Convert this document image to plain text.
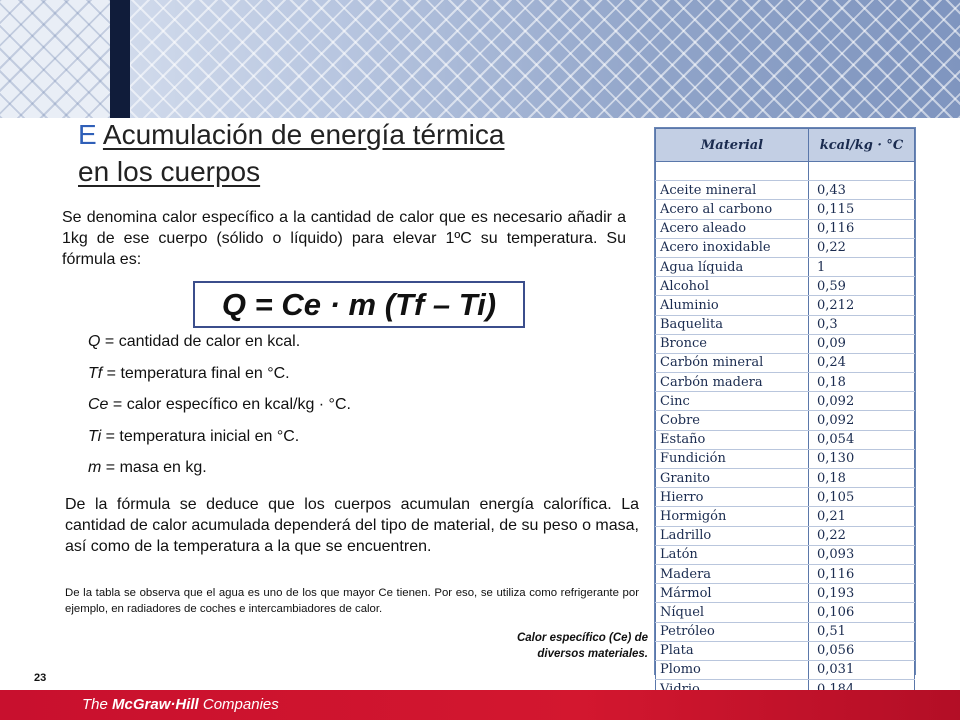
E Acumulación de energía térmica
en los cuerpos
Se denomina calor específico a la cantidad de calor que es necesario añadir a 1kg de ese cuerpo (sólido o líquido) para elevar 1ºC su temperatura. Su fórmula es:
Q = Ce · m (Tf – Ti)
Q = cantidad de calor en kcal.
Tf = temperatura final en °C.
Ce = calor específico en kcal/kg · °C.
Ti = temperatura inicial en °C.
m = masa en kg.
De la fórmula se deduce que los cuerpos acumulan energía calorífica. La cantidad de calor acumulada dependerá del tipo de material, de su peso o masa, así como de la temperatura a la que se encuentren.
De la tabla se observa que el agua es uno de los que mayor Ce tienen. Por eso, se utiliza como refrigerante por ejemplo, en radiadores de coches e intercambiadores de calor.
Material	kcal/kg · °C

Aceite mineral	0,43
Acero al carbono	0,115
Acero aleado	0,116
Acero inoxidable	0,22
Agua líquida	1
Alcohol	0,59
Aluminio	0,212
Baquelita	0,3
Bronce	0,09
Carbón mineral	0,24
Carbón madera	0,18
Cinc	0,092
Cobre	0,092
Estaño	0,054
Fundición	0,130
Granito	0,18
Hierro	0,105
Hormigón	0,21
Ladrillo	0,22
Latón	0,093
Madera	0,116
Mármol	0,193
Níquel	0,106
Petróleo	0,51
Plata	0,056
Plomo	0,031

Calor específico (Ce) de diversos materiales.
23
The McGraw·Hill Companies
